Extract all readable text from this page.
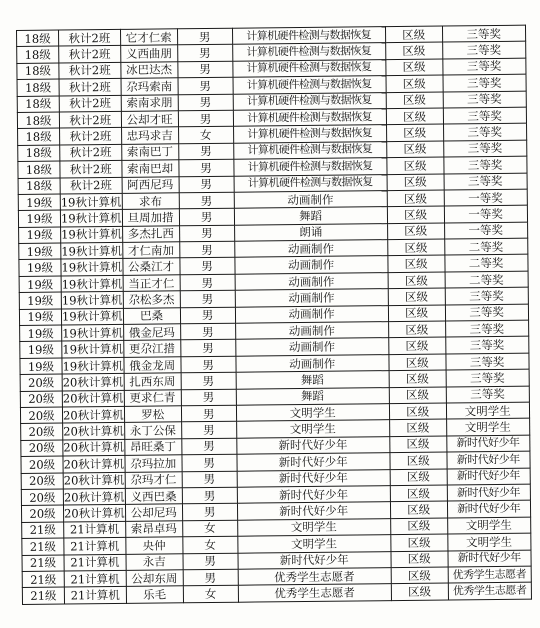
18级	秋计2班	它才仁索	男	计算机硬件检测与数据恢复	区级	三等奖
18级	秋计2班	义西曲朋	男	计算机硬件检测与数据恢复	区级	三等奖
18级	秋计2班	冰巴达杰	男	计算机硬件检测与数据恢复	区级	三等奖
18级	秋计2班	尕玛索南	男	计算机硬件检测与数据恢复	区级	三等奖
18级	秋计2班	索南求朋	男	计算机硬件检测与数据恢复	区级	三等奖
18级	秋计2班	公却才旺	男	计算机硬件检测与数据恢复	区级	三等奖
18级	秋计2班	忠玛求吉	女	计算机硬件检测与数据恢复	区级	三等奖
18级	秋计2班	索南巴丁	男	计算机硬件检测与数据恢复	区级	三等奖
18级	秋计2班	索南巴却	男	计算机硬件检测与数据恢复	区级	三等奖
18级	秋计2班	阿西尼玛	男	计算机硬件检测与数据恢复	区级	三等奖
19级	19秋计算机	求布	男	动画制作	区级	一等奖
19级	19秋计算机	旦周加措	男	舞蹈	区级	一等奖
19级	19秋计算机	多杰扎西	男	朗诵	区级	一等奖
19级	19秋计算机	才仁南加	男	动画制作	区级	二等奖
19级	19秋计算机	公桑江才	男	动画制作	区级	二等奖
19级	19秋计算机	当正才仁	男	动画制作	区级	二等奖
19级	19秋计算机	尕松多杰	男	动画制作	区级	三等奖
19级	19秋计算机	巴桑	男	动画制作	区级	三等奖
19级	19秋计算机	俄金尼玛	男	动画制作	区级	三等奖
19级	19秋计算机	更尕江措	男	动画制作	区级	三等奖
19级	19秋计算机	俄金龙周	男	动画制作	区级	三等奖
20级	20秋计算机	扎西东周	男	舞蹈	区级	三等奖
20级	20秋计算机	更求仁青	男	舞蹈	区级	三等奖
20级	20秋计算机	罗松	男	文明学生	区级	文明学生
20级	20秋计算机	永丁公保	男	文明学生	区级	文明学生
20级	20秋计算机	昂旺桑丁	男	新时代好少年	区级	新时代好少年
20级	20秋计算机	尕玛拉加	男	新时代好少年	区级	新时代好少年
20级	20秋计算机	尕玛才仁	男	新时代好少年	区级	新时代好少年
20级	20秋计算机	义西巴桑	男	新时代好少年	区级	新时代好少年
20级	20秋计算机	公却尼玛	男	新时代好少年	区级	新时代好少年
21级	21计算机	索昂卓玛	女	文明学生	区级	文明学生
21级	21计算机	央仲	女	文明学生	区级	文明学生
21级	21计算机	永吉	男	新时代好少年	区级	新时代好少年
21级	21计算机	公却东周	男	优秀学生志愿者	区级	优秀学生志愿者
21级	21计算机	乐毛	女	优秀学生志愿者	区级	优秀学生志愿者
